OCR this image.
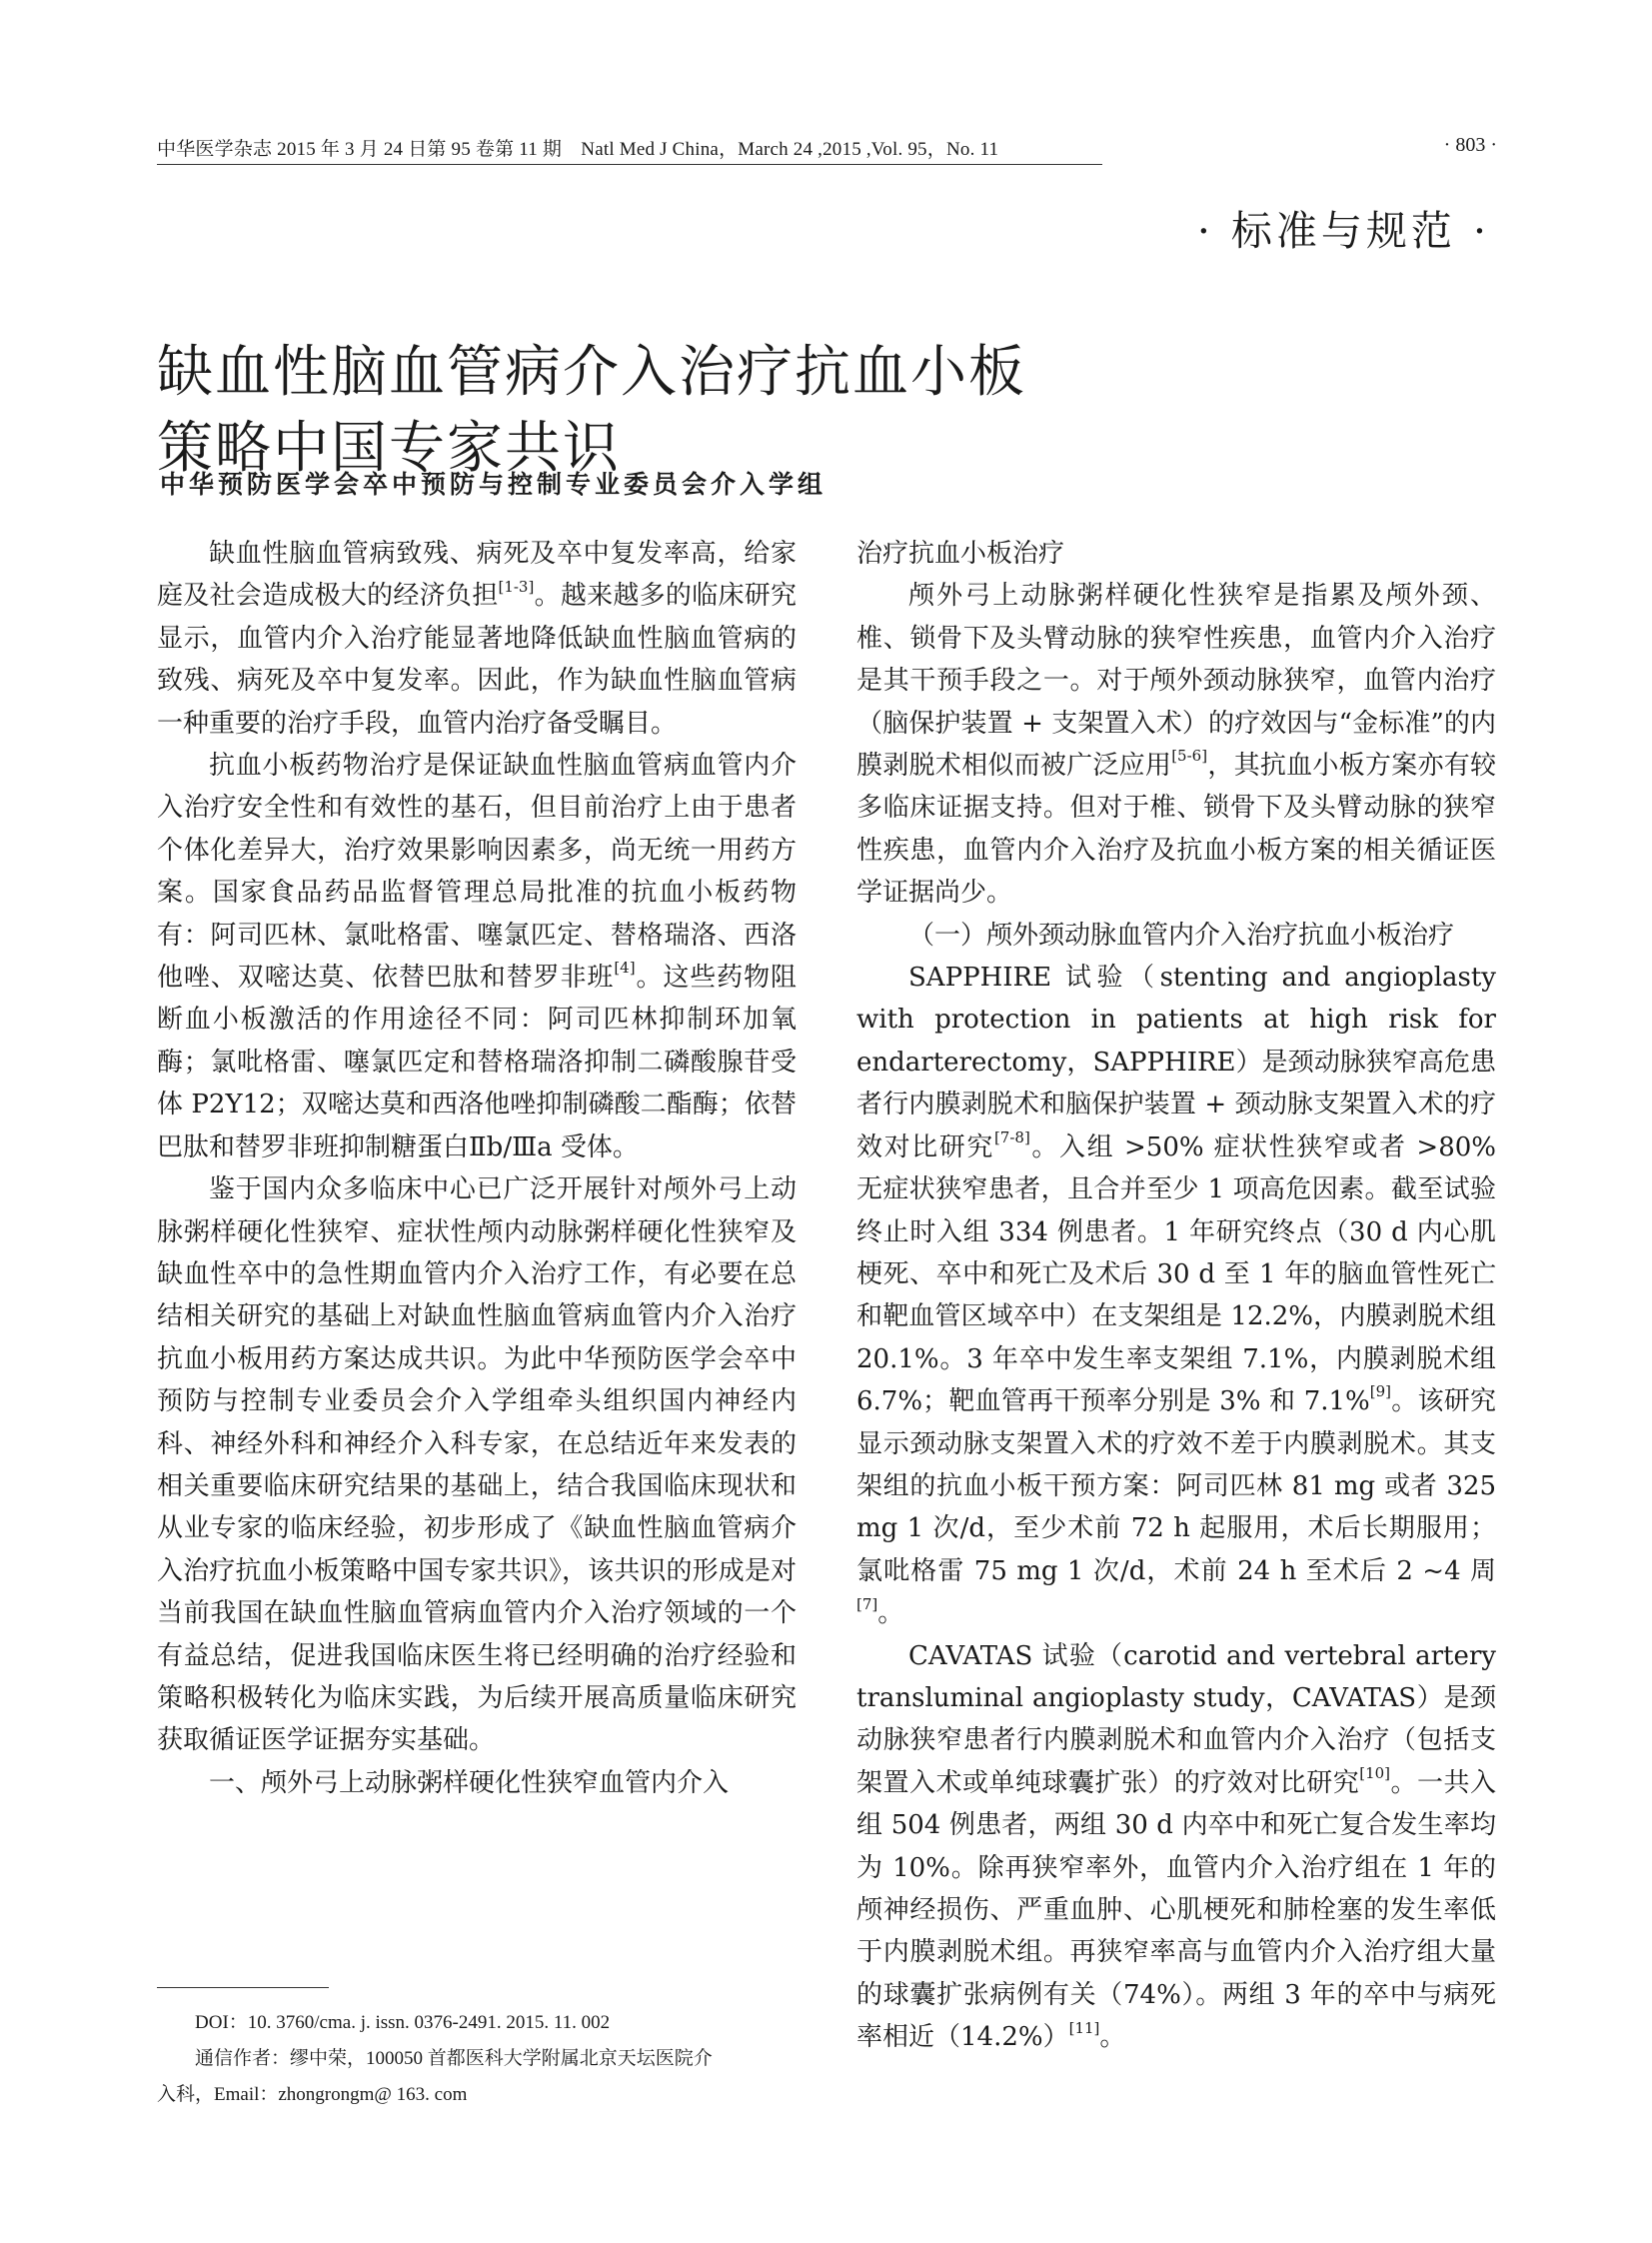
中华医学杂志 2015 年 3 月 24 日第 95 卷第 11 期　Natl Med J China，March 24 ,2015 ,Vol. 95，No. 11	· 803 ·
· 标准与规范 ·
缺血性脑血管病介入治疗抗血小板
策略中国专家共识
中华预防医学会卒中预防与控制专业委员会介入学组

缺血性脑血管病致残、病死及卒中复发率高，给家庭及社会造成极大的经济负担[1-3]。越来越多的临床研究显示，血管内介入治疗能显著地降低缺血性脑血管病的致残、病死及卒中复发率。因此，作为缺血性脑血管病一种重要的治疗手段，血管内治疗备受瞩目。

抗血小板药物治疗是保证缺血性脑血管病血管内介入治疗安全性和有效性的基石，但目前治疗上由于患者个体化差异大，治疗效果影响因素多，尚无统一用药方案。国家食品药品监督管理总局批准的抗血小板药物有：阿司匹林、氯吡格雷、噻氯匹定、替格瑞洛、西洛他唑、双嘧达莫、依替巴肽和替罗非班[4]。这些药物阻断血小板激活的作用途径不同：阿司匹林抑制环加氧酶；氯吡格雷、噻氯匹定和替格瑞洛抑制二磷酸腺苷受体 P2Y12；双嘧达莫和西洛他唑抑制磷酸二酯酶；依替巴肽和替罗非班抑制糖蛋白Ⅱb/Ⅲa 受体。

鉴于国内众多临床中心已广泛开展针对颅外弓上动脉粥样硬化性狭窄、症状性颅内动脉粥样硬化性狭窄及缺血性卒中的急性期血管内介入治疗工作，有必要在总结相关研究的基础上对缺血性脑血管病血管内介入治疗抗血小板用药方案达成共识。为此中华预防医学会卒中预防与控制专业委员会介入学组牵头组织国内神经内科、神经外科和神经介入科专家，在总结近年来发表的相关重要临床研究结果的基础上，结合我国临床现状和从业专家的临床经验，初步形成了《缺血性脑血管病介入治疗抗血小板策略中国专家共识》，该共识的形成是对当前我国在缺血性脑血管病血管内介入治疗领域的一个有益总结，促进我国临床医生将已经明确的治疗经验和策略积极转化为临床实践，为后续开展高质量临床研究获取循证医学证据夯实基础。

一、颅外弓上动脉粥样硬化性狭窄血管内介入

治疗抗血小板治疗

颅外弓上动脉粥样硬化性狭窄是指累及颅外颈、椎、锁骨下及头臂动脉的狭窄性疾患，血管内介入治疗是其干预手段之一。对于颅外颈动脉狭窄，血管内治疗（脑保护装置 + 支架置入术）的疗效因与“金标准”的内膜剥脱术相似而被广泛应用[5-6]，其抗血小板方案亦有较多临床证据支持。但对于椎、锁骨下及头臂动脉的狭窄性疾患，血管内介入治疗及抗血小板方案的相关循证医学证据尚少。

（一）颅外颈动脉血管内介入治疗抗血小板治疗

SAPPHIRE 试验（stenting and angioplasty with protection in patients at high risk for endarterectomy，SAPPHIRE）是颈动脉狭窄高危患者行内膜剥脱术和脑保护装置 + 颈动脉支架置入术的疗效对比研究[7-8]。入组 >50% 症状性狭窄或者 >80% 无症状狭窄患者，且合并至少 1 项高危因素。截至试验终止时入组 334 例患者。1 年研究终点（30 d 内心肌梗死、卒中和死亡及术后 30 d 至 1 年的脑血管性死亡和靶血管区域卒中）在支架组是 12.2%，内膜剥脱术组 20.1%。3 年卒中发生率支架组 7.1%，内膜剥脱术组 6.7%；靶血管再干预率分别是 3% 和 7.1%[9]。该研究显示颈动脉支架置入术的疗效不差于内膜剥脱术。其支架组的抗血小板干预方案：阿司匹林 81 mg 或者 325 mg 1 次/d，至少术前 72 h 起服用，术后长期服用；氯吡格雷 75 mg 1 次/d，术前 24 h 至术后 2 ~4 周[7]。

CAVATAS 试验（carotid and vertebral artery transluminal angioplasty study，CAVATAS）是颈动脉狭窄患者行内膜剥脱术和血管内介入治疗（包括支架置入术或单纯球囊扩张）的疗效对比研究[10]。一共入组 504 例患者，两组 30 d 内卒中和死亡复合发生率均为 10%。除再狭窄率外，血管内介入治疗组在 1 年的颅神经损伤、严重血肿、心肌梗死和肺栓塞的发生率低于内膜剥脱术组。再狭窄率高与血管内介入治疗组大量的球囊扩张病例有关（74%）。两组 3 年的卒中与病死率相近（14.2%）[11]。

DOI：10. 3760/cma. j. issn. 0376-2491. 2015. 11. 002

通信作者：缪中荣，100050 首都医科大学附属北京天坛医院介

入科，Email：zhongrongm@ 163. com
